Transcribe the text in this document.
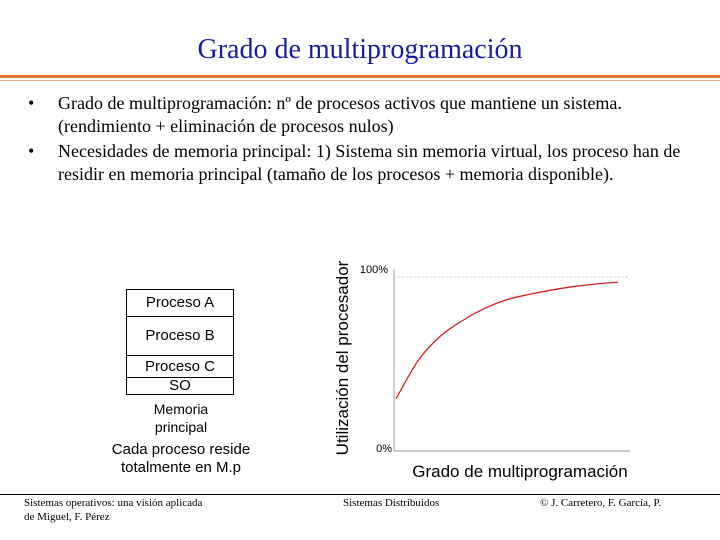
Grado de multiprogramación
• Grado de multiprogramación: nº de procesos activos que mantiene un sistema. (rendimiento + eliminación de procesos nulos)
• Necesidades de memoria principal: 1) Sistema sin memoria virtual, los proceso han de residir en memoria principal (tamaño de los procesos + memoria disponible).
Proceso A
Proceso B
Proceso C
SO
Memoria
principal
Cada proceso reside
totalmente en M.p
100%
0%
Utilización del procesador
Grado de multiprogramación
Sistemas operativos: una visión aplicada
de Miguel, F. Pérez
Sistemas Distribuidos	© J. Carretero, F. García, P.
